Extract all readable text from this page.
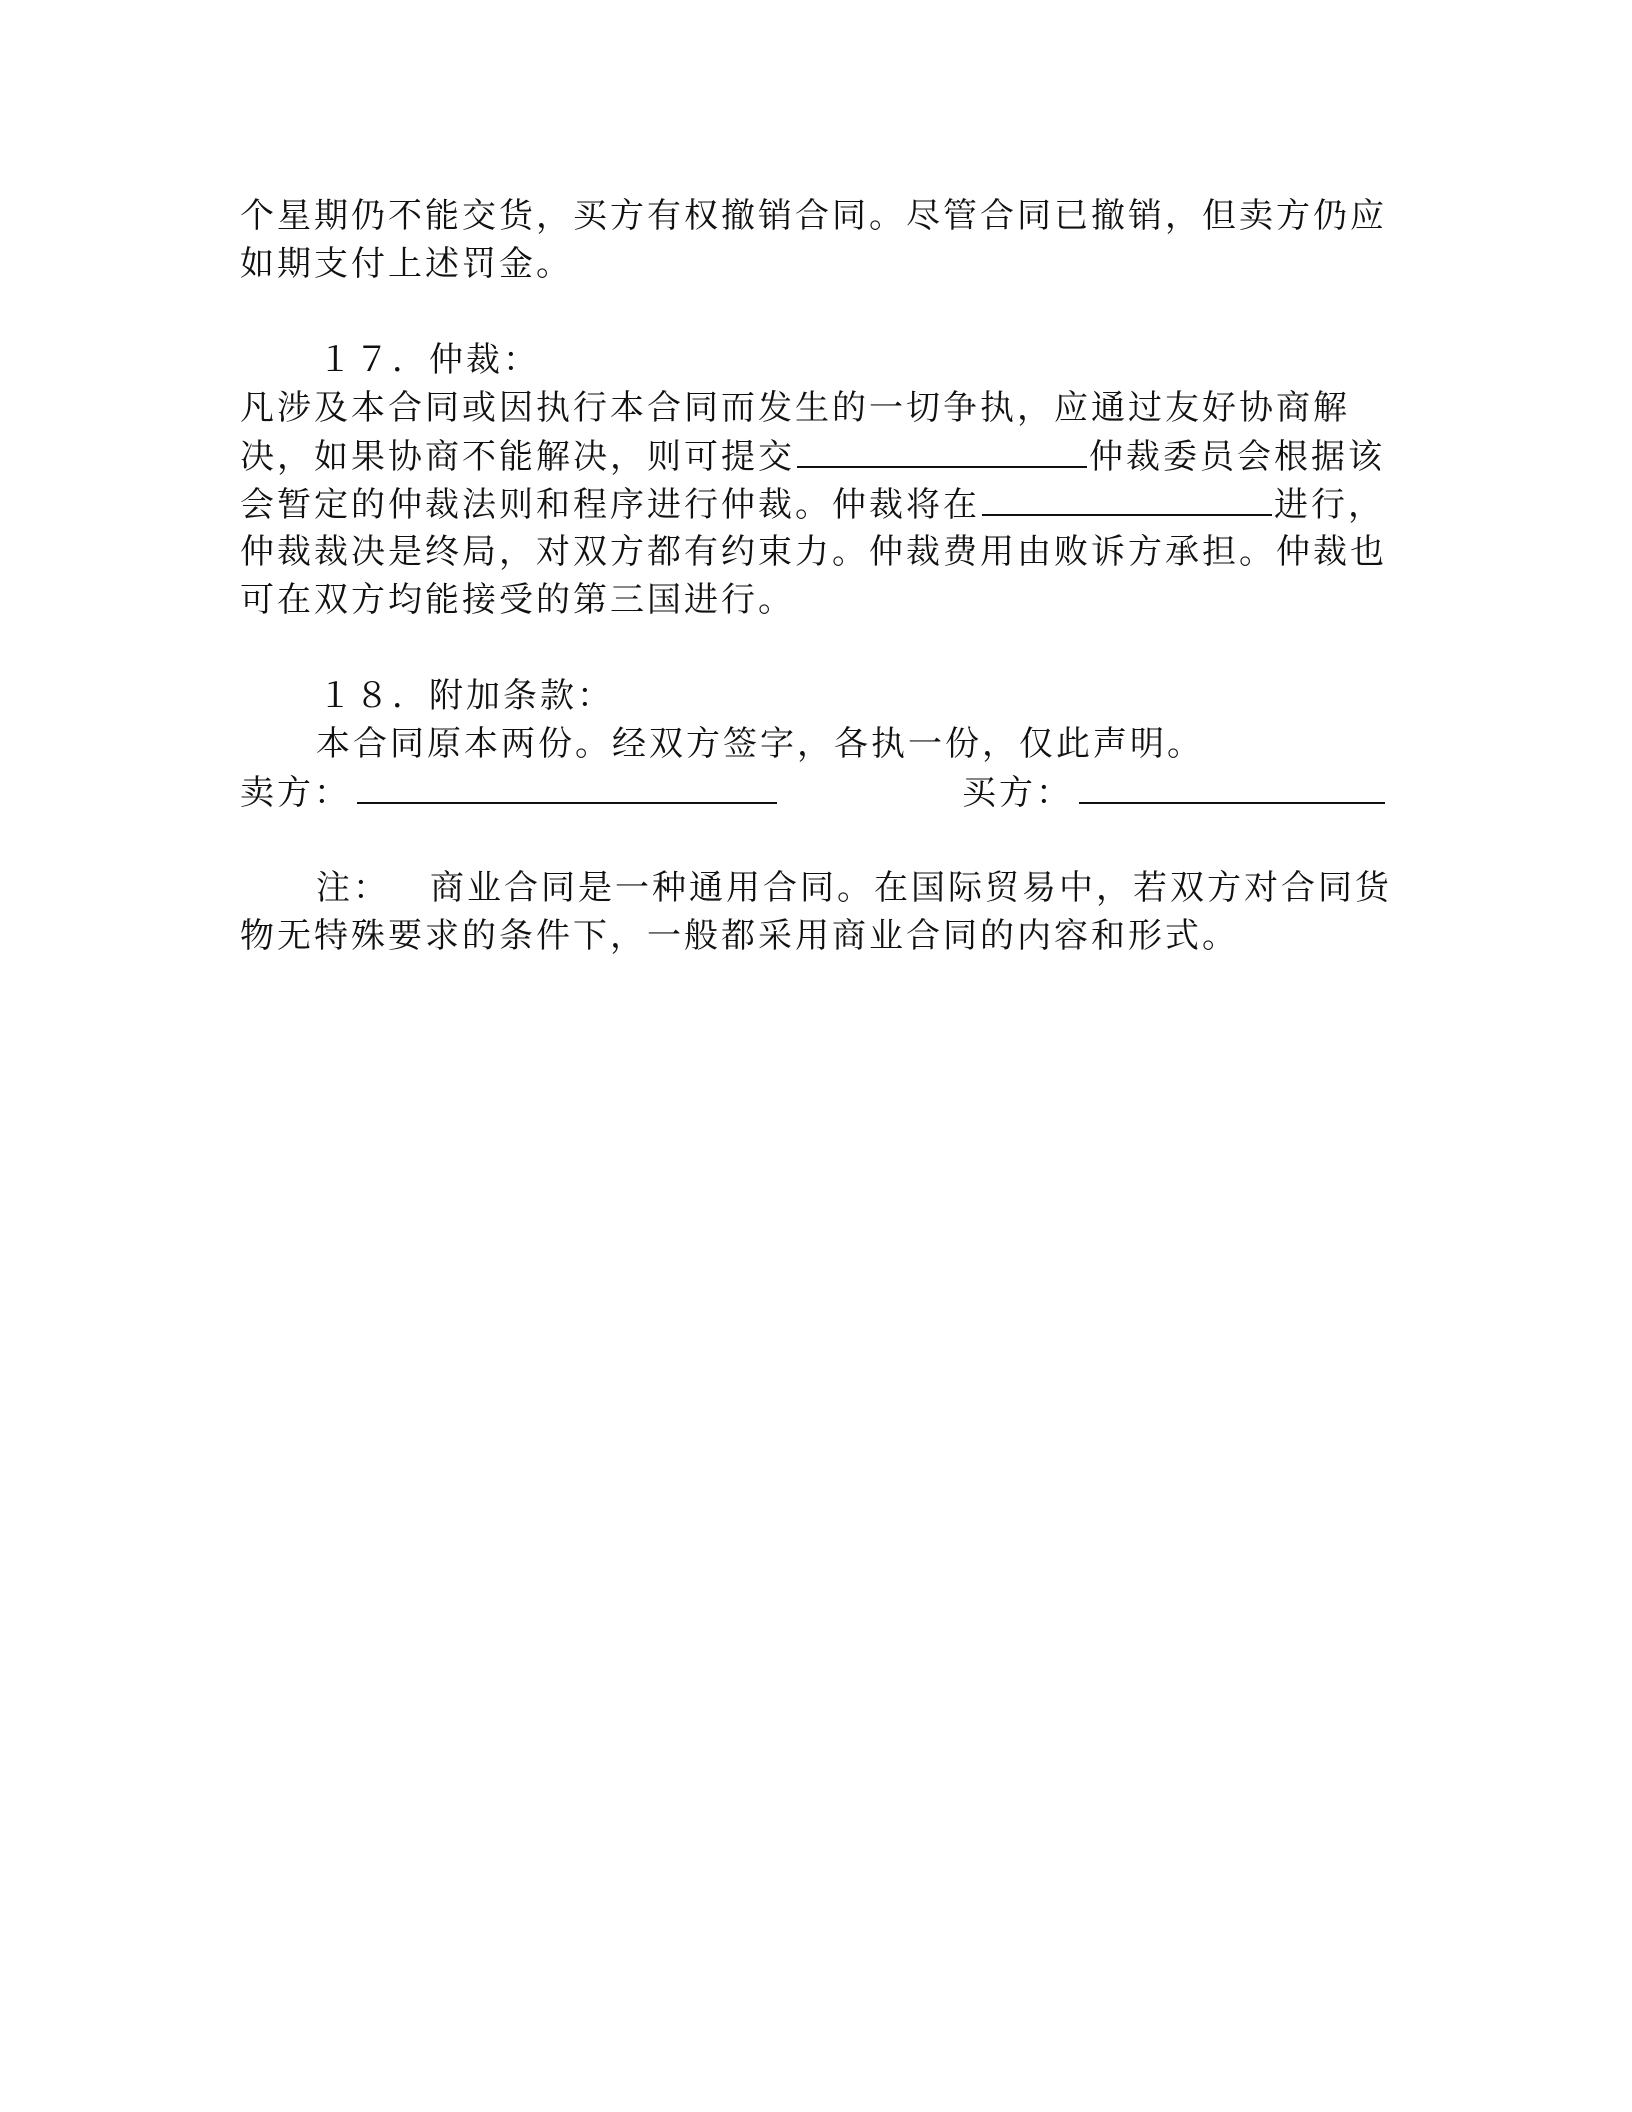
个星期仍不能交货，买方有权撤销合同。尽管合同已撤销，但卖方仍应
如期支付上述罚金。
１７．仲裁：
凡涉及本合同或因执行本合同而发生的一切争执，应通过友好协商解
决，如果协商不能解决，则可提交	仲裁委员会根据该
会暂定的仲裁法则和程序进行仲裁。仲裁将在	进行，
仲裁裁决是终局，对双方都有约束力。仲裁费用由败诉方承担。仲裁也
可在双方均能接受的第三国进行。
１８．附加条款：
本合同原本两份。经双方签字，各执一份，仅此声明。
卖方：	买方：
注： 商业合同是一种通用合同。在国际贸易中，若双方对合同货
物无特殊要求的条件下，一般都采用商业合同的内容和形式。
